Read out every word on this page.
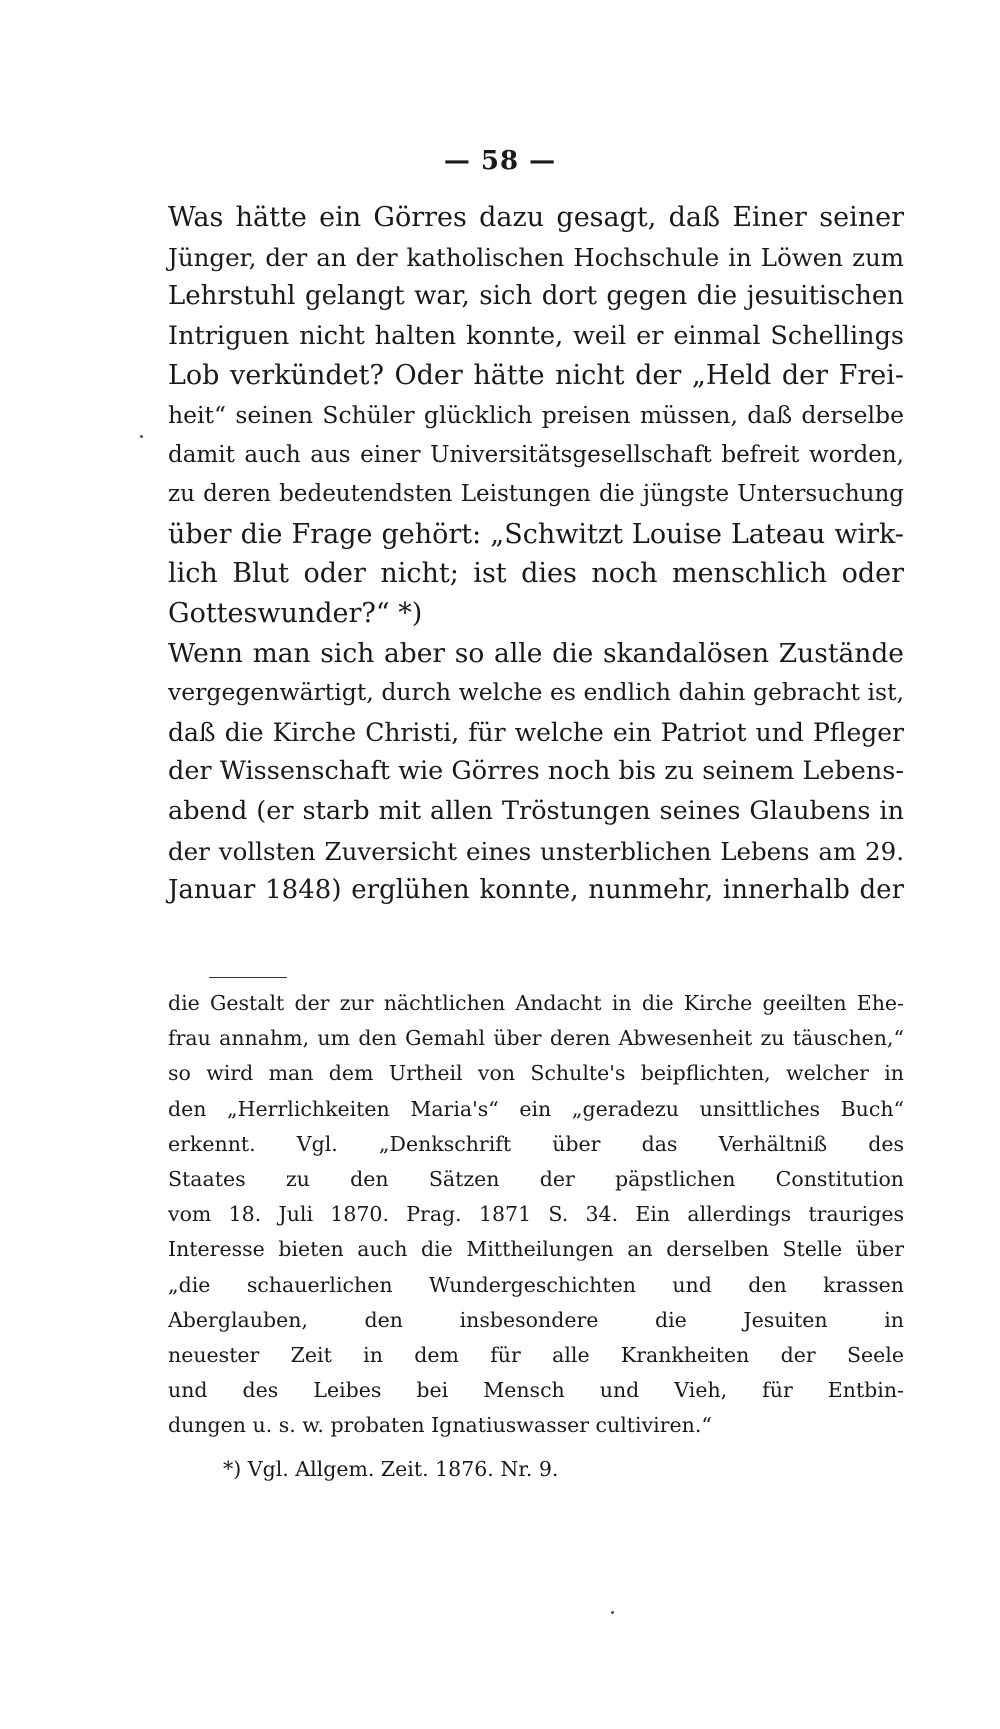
— 58 —
Was hätte ein Görres dazu gesagt, daß Einer seiner
Jünger, der an der katholischen Hochschule in Löwen zum
Lehrstuhl gelangt war, sich dort gegen die jesuitischen
Intriguen nicht halten konnte, weil er einmal Schellings
Lob verkündet? Oder hätte nicht der „Held der Frei-
heit“ seinen Schüler glücklich preisen müssen, daß derselbe
damit auch aus einer Universitätsgesellschaft befreit worden,
zu deren bedeutendsten Leistungen die jüngste Untersuchung
über die Frage gehört: „Schwitzt Louise Lateau wirk-
lich Blut oder nicht; ist dies noch menschlich oder
Gotteswunder?“ *)
Wenn man sich aber so alle die skandalösen Zustände
vergegenwärtigt, durch welche es endlich dahin gebracht ist,
daß die Kirche Christi, für welche ein Patriot und Pfleger
der Wissenschaft wie Görres noch bis zu seinem Lebens-
abend (er starb mit allen Tröstungen seines Glaubens in
der vollsten Zuversicht eines unsterblichen Lebens am 29.
Januar 1848) erglühen konnte, nunmehr, innerhalb der
die Gestalt der zur nächtlichen Andacht in die Kirche geeilten Ehe-
frau annahm, um den Gemahl über deren Abwesenheit zu täuschen,“
so wird man dem Urtheil von Schulte's beipflichten, welcher in
den „Herrlichkeiten Maria's“ ein „geradezu unsittliches Buch“
erkennt. Vgl. „Denkschrift über das Verhältniß des
Staates zu den Sätzen der päpstlichen Constitution
vom 18. Juli 1870. Prag. 1871 S. 34. Ein allerdings trauriges
Interesse bieten auch die Mittheilungen an derselben Stelle über
„die schauerlichen Wundergeschichten und den krassen
Aberglauben, den insbesondere die Jesuiten in
neuester Zeit in dem für alle Krankheiten der Seele
und des Leibes bei Mensch und Vieh, für Entbin-
dungen u. s. w. probaten Ignatiuswasser cultiviren.“
*) Vgl. Allgem. Zeit. 1876. Nr. 9.
